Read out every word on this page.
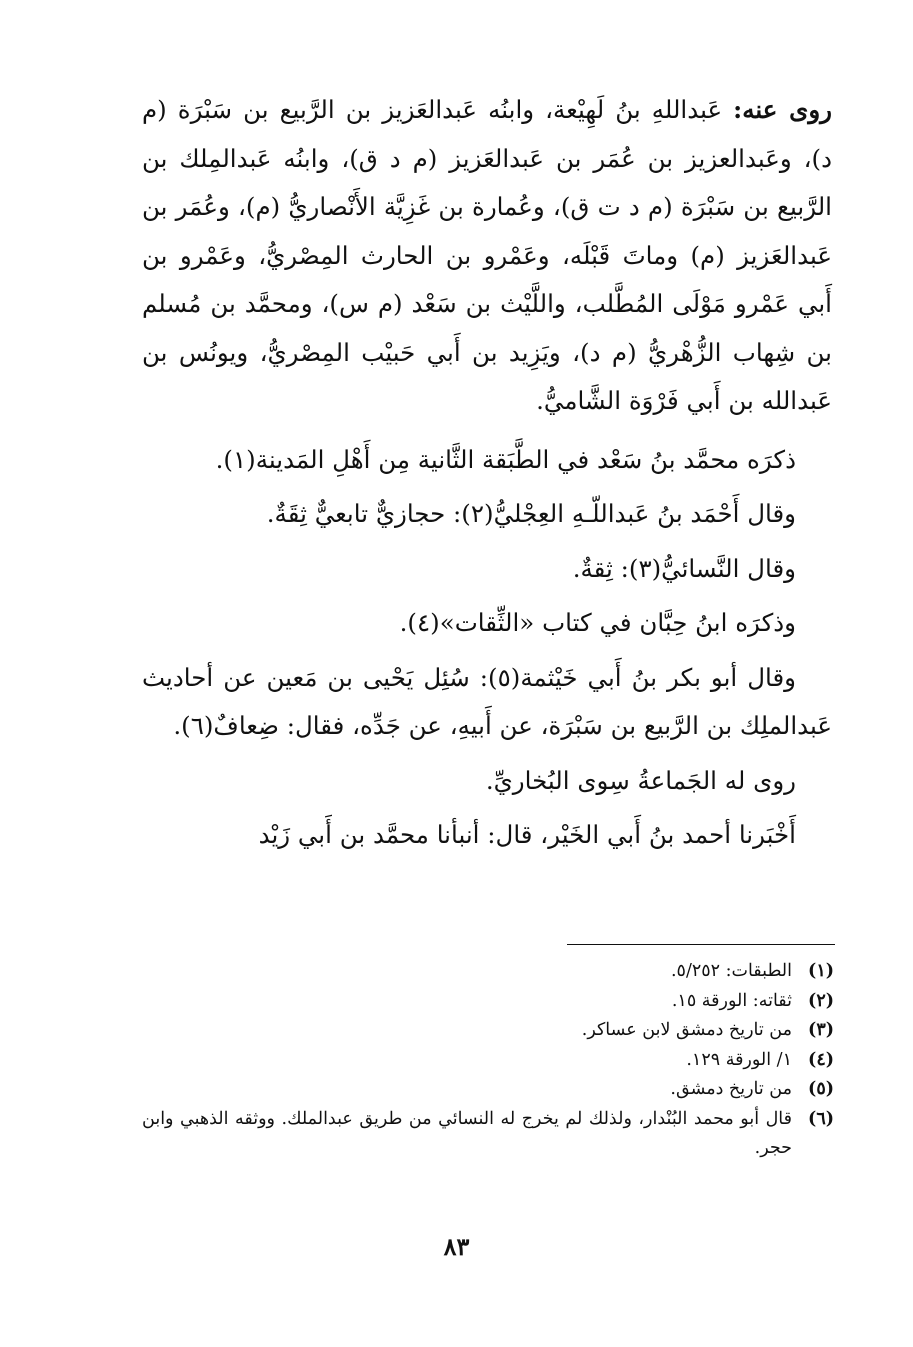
روى عنه: عَبداللهِ بنُ لَهِيْعة، وابنُه عَبدالعَزيز بن الرَّبيع بن سَبْرَة (م د)، وعَبدالعزيز بن عُمَر بن عَبدالعَزيز (م د ق)، وابنُه عَبدالمِلك بن الرَّبيع بن سَبْرَة (م د ت ق)، وعُمارة بن غَزِيَّة الأَنْصاريُّ (م)، وعُمَر بن عَبدالعَزيز (م) وماتَ قَبْلَه، وعَمْرو بن الحارث المِصْريُّ، وعَمْرو بن أَبي عَمْرو مَوْلَى المُطَّلب، واللَّيْث بن سَعْد (م س)، ومحمَّد بن مُسلم بن شِهاب الزُّهْريُّ (م د)، ويَزِيد بن أَبي حَبيْب المِصْريُّ، ويونُس بن عَبدالله بن أَبي فَرْوَة الشَّاميُّ.

ذكرَه محمَّد بنُ سَعْد في الطَّبَقة الثَّانية مِن أَهْلِ المَدينة(١).

وقال أَحْمَد بنُ عَبداللّـهِ العِجْليُّ(٢): حجازيٌّ تابعيٌّ ثِقَةٌ.

وقال النَّسائيُّ(٣): ثِقةٌ.

وذكرَه ابنُ حِبَّان في كتاب «الثِّقات»(٤).

وقال أبو بكر بنُ أَبي خَيْثمة(٥): سُئِل يَحْيى بن مَعين عن أحاديث عَبدالملِك بن الرَّبيع بن سَبْرَة، عن أَبيهِ، عن جَدِّه، فقال: ضِعافٌ(٦).

روى له الجَماعةُ سِوى البُخاريِّ.

أَخْبَرنا أحمد بنُ أَبي الخَيْر، قال: أنبأنا محمَّد بن أَبي زَيْد

(١)
الطبقات: ٥/٢٥٢.
(٢)
ثقاته: الورقة ١٥.
(٣)
من تاريخ دمشق لابن عساكر.
(٤)
١/ الورقة ١٢٩.
(٥)
من تاريخ دمشق.
(٦)
قال أبو محمد البُنْدار، ولذلك لم يخرج له النسائي من طريق عبدالملك. ووثقه الذهبي وابن حجر.
٨٣
